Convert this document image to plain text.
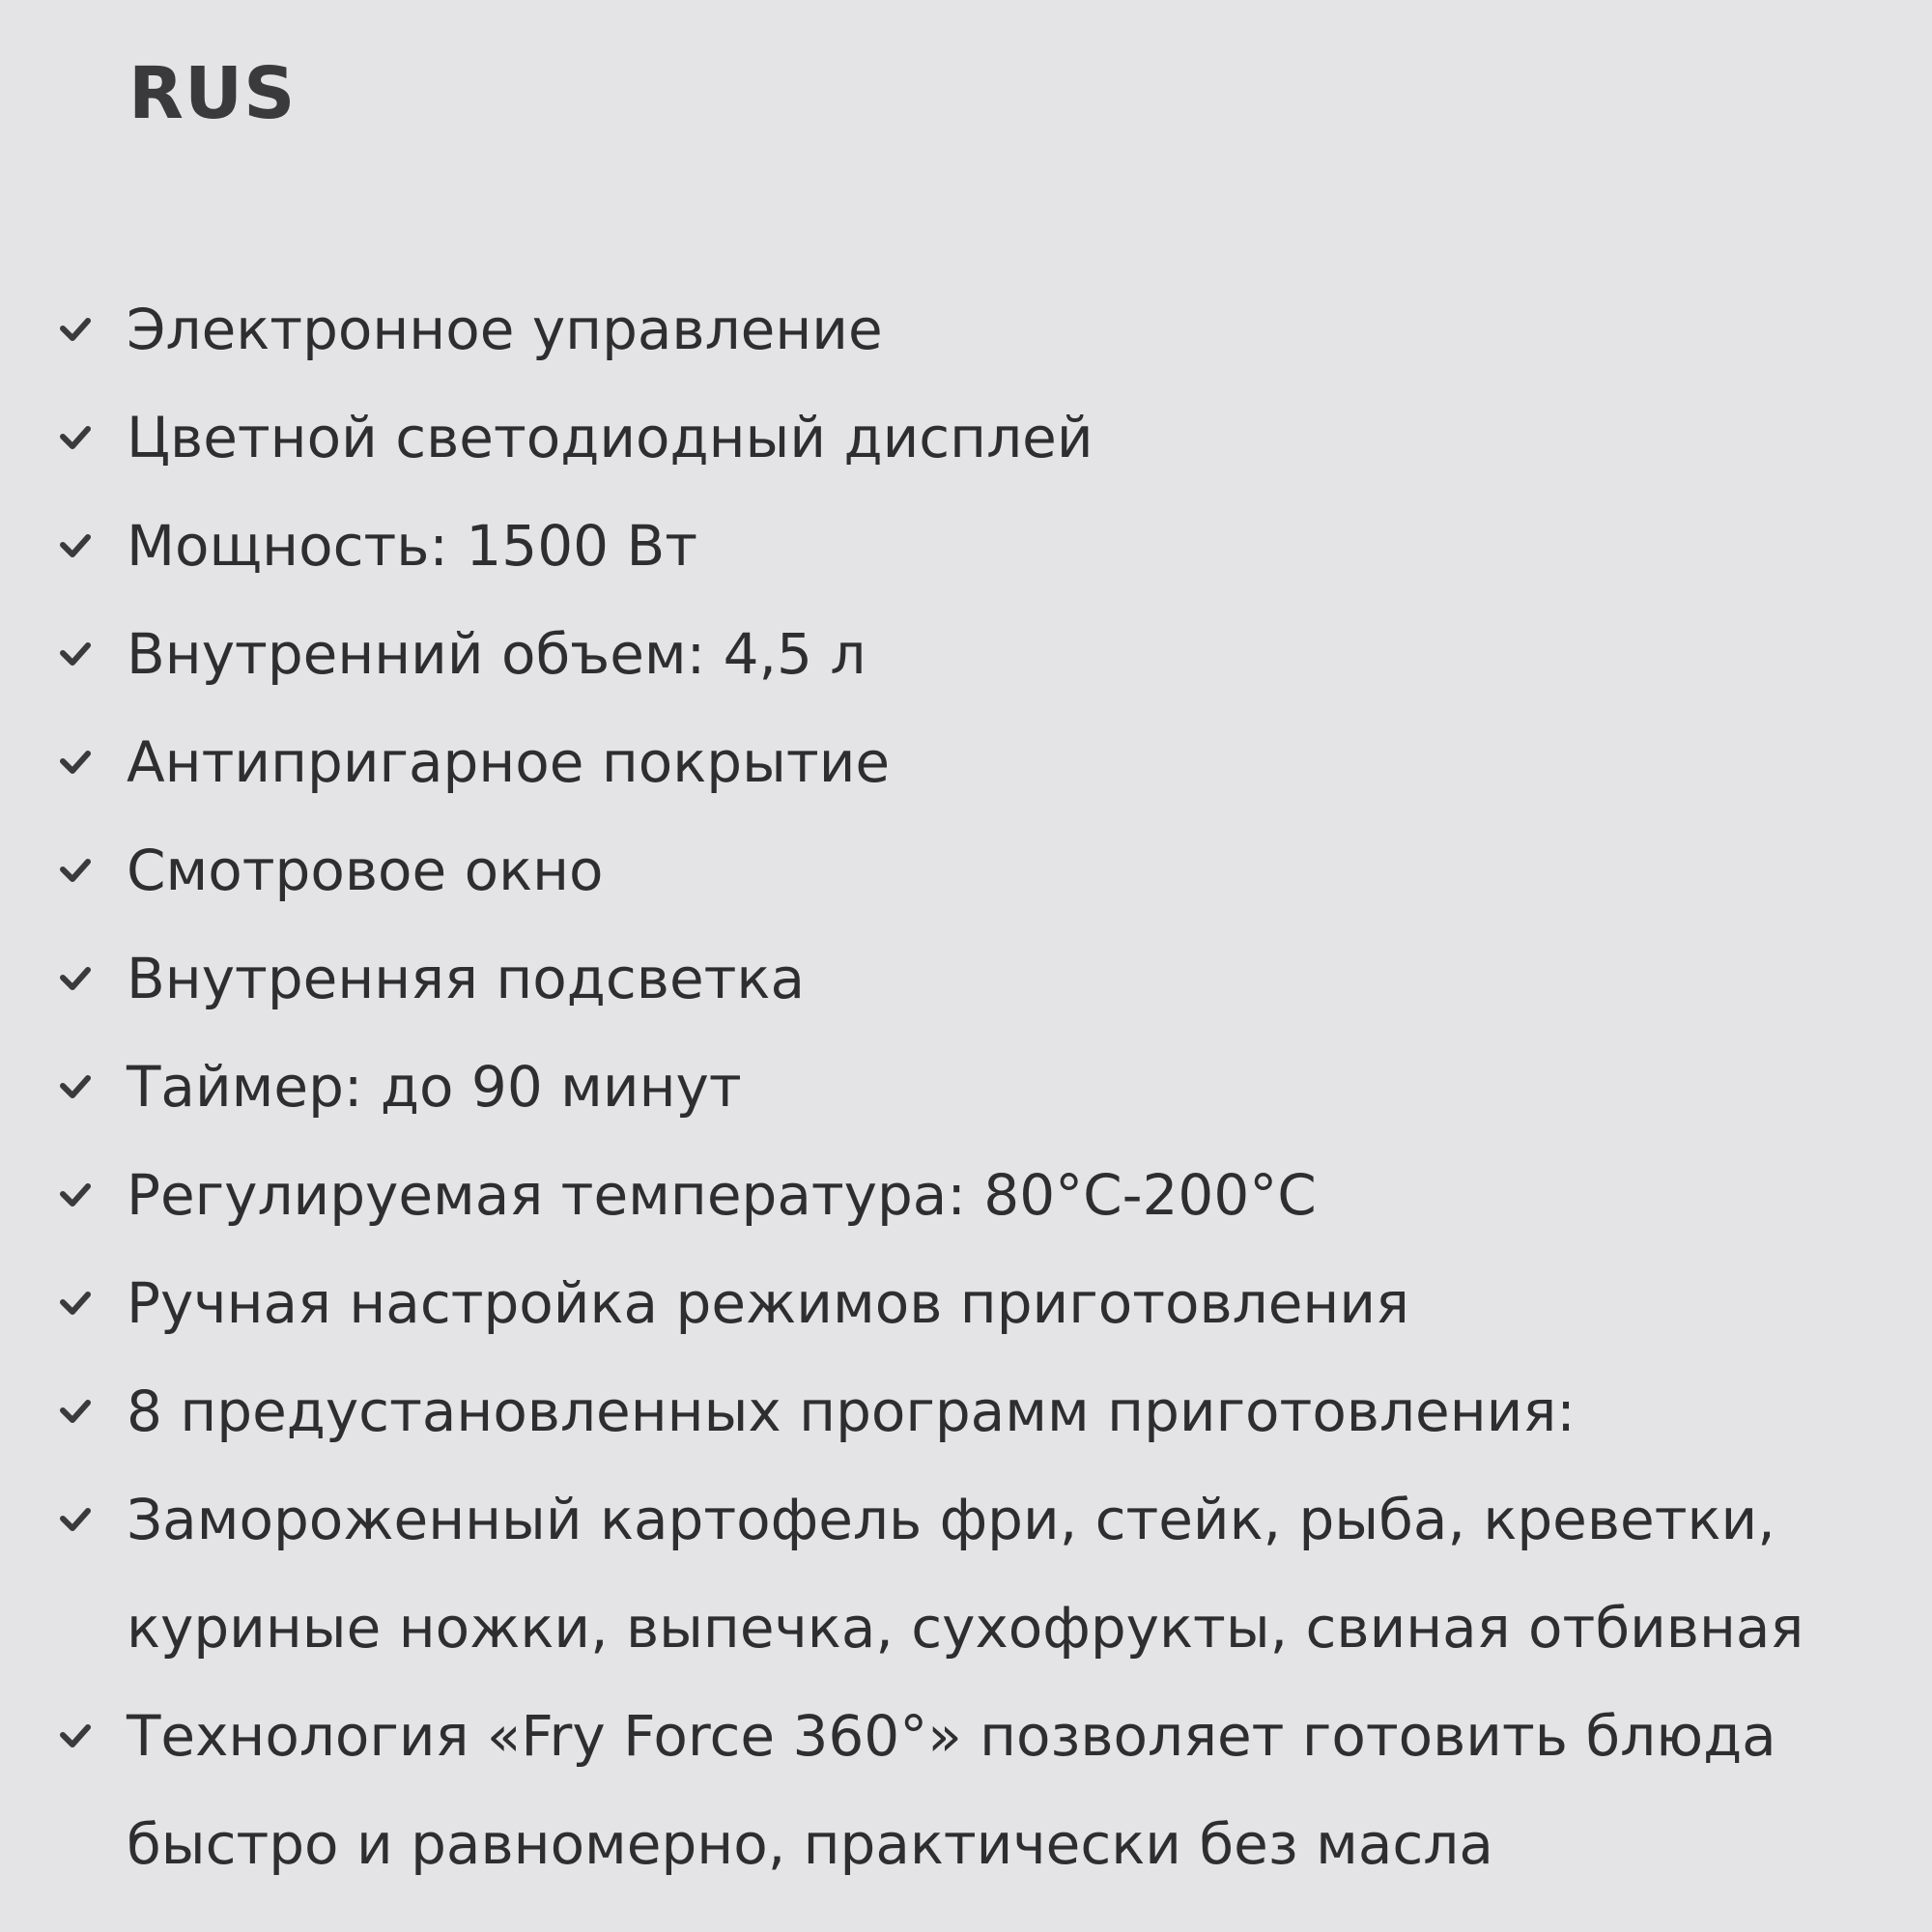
RUS
Электронное управление
Цветной светодиодный дисплей
Мощность: 1500 Вт
Внутренний объем: 4,5 л
Антипригарное покрытие
Смотровое окно
Внутренняя подсветка
Таймер: до 90 минут
Регулируемая температура: 80°C-200°C
Ручная настройка режимов приготовления
8 предустановленных программ приготовления:
Замороженный картофель фри, стейк, рыба, креветки,
куриные ножки, выпечка, сухофрукты, свиная отбивная
Технология «Fry Force 360°» позволяет готовить блюда
быстро и равномерно, практически без масла
